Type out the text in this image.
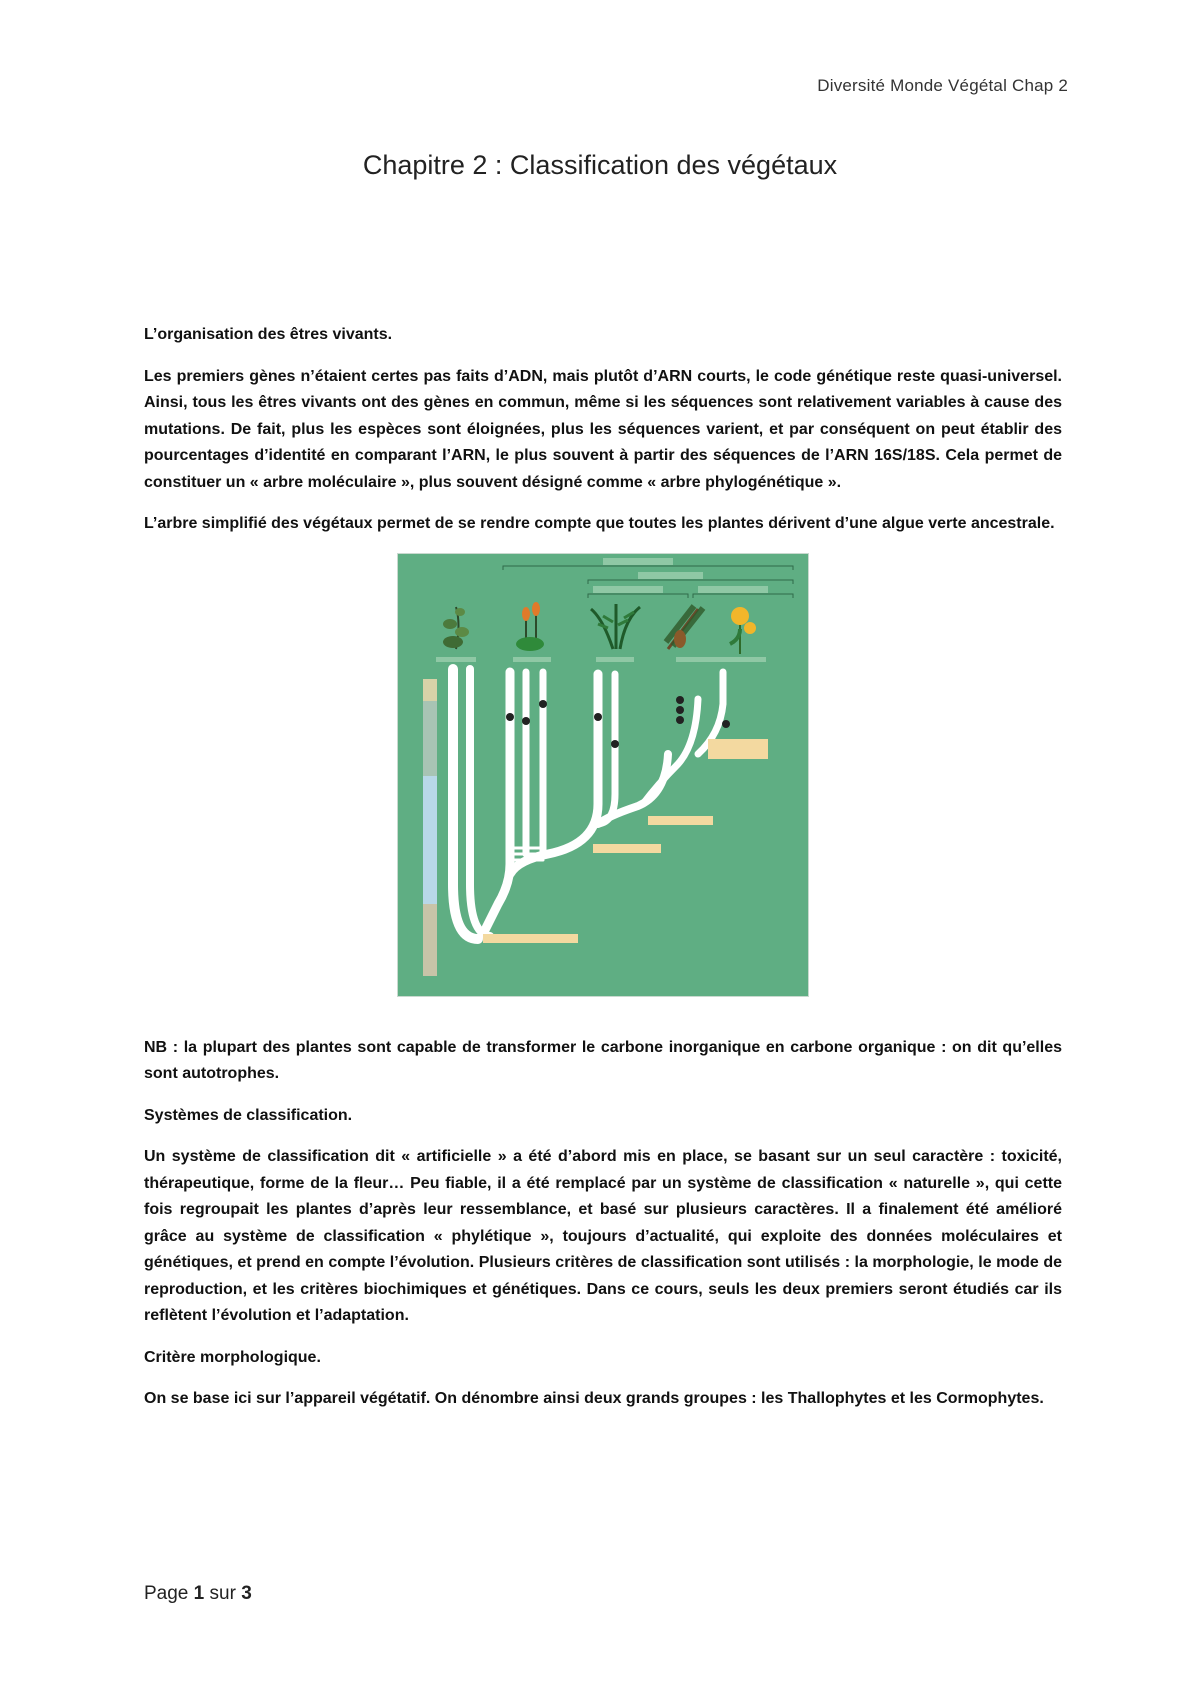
Diversité Monde Végétal Chap 2
Chapitre 2 : Classification des végétaux

L’organisation des êtres vivants.

Les premiers gènes n’étaient certes pas faits d’ADN, mais plutôt d’ARN courts, le code génétique reste quasi-universel. Ainsi, tous les êtres vivants ont des gènes en commun, même si les séquences sont relativement variables à cause des mutations. De fait, plus les espèces sont éloignées, plus les séquences varient, et par conséquent on peut établir des pourcentages d’identité en comparant l’ARN, le plus souvent à partir des séquences de l’ARN 16S/18S. Cela permet de constituer un « arbre moléculaire », plus souvent désigné comme « arbre phylogénétique ».

L’arbre simplifié des végétaux permet de se rendre compte que toutes les plantes dérivent d’une algue verte ancestrale.

NB : la plupart des plantes sont capable de transformer le carbone inorganique en carbone organique : on dit qu’elles sont autotrophes.

Systèmes de classification.

Un système de classification dit « artificielle » a été d’abord mis en place, se basant sur un seul caractère : toxicité, thérapeutique, forme de la fleur… Peu fiable, il a été remplacé par un système de classification « naturelle », qui cette fois regroupait les plantes d’après leur ressemblance, et basé sur plusieurs caractères. Il a finalement été amélioré grâce au système de classification « phylétique », toujours d’actualité, qui exploite des données moléculaires et génétiques, et prend en compte l’évolution. Plusieurs critères de classification sont utilisés : la morphologie, le mode de reproduction, et les critères biochimiques et génétiques. Dans ce cours, seuls les deux premiers seront étudiés car ils reflètent l’évolution et l’adaptation.

Critère morphologique.

On se base ici sur l’appareil végétatif. On dénombre ainsi deux grands groupes : les Thallophytes et les Cormophytes.

Page 1 sur 3
